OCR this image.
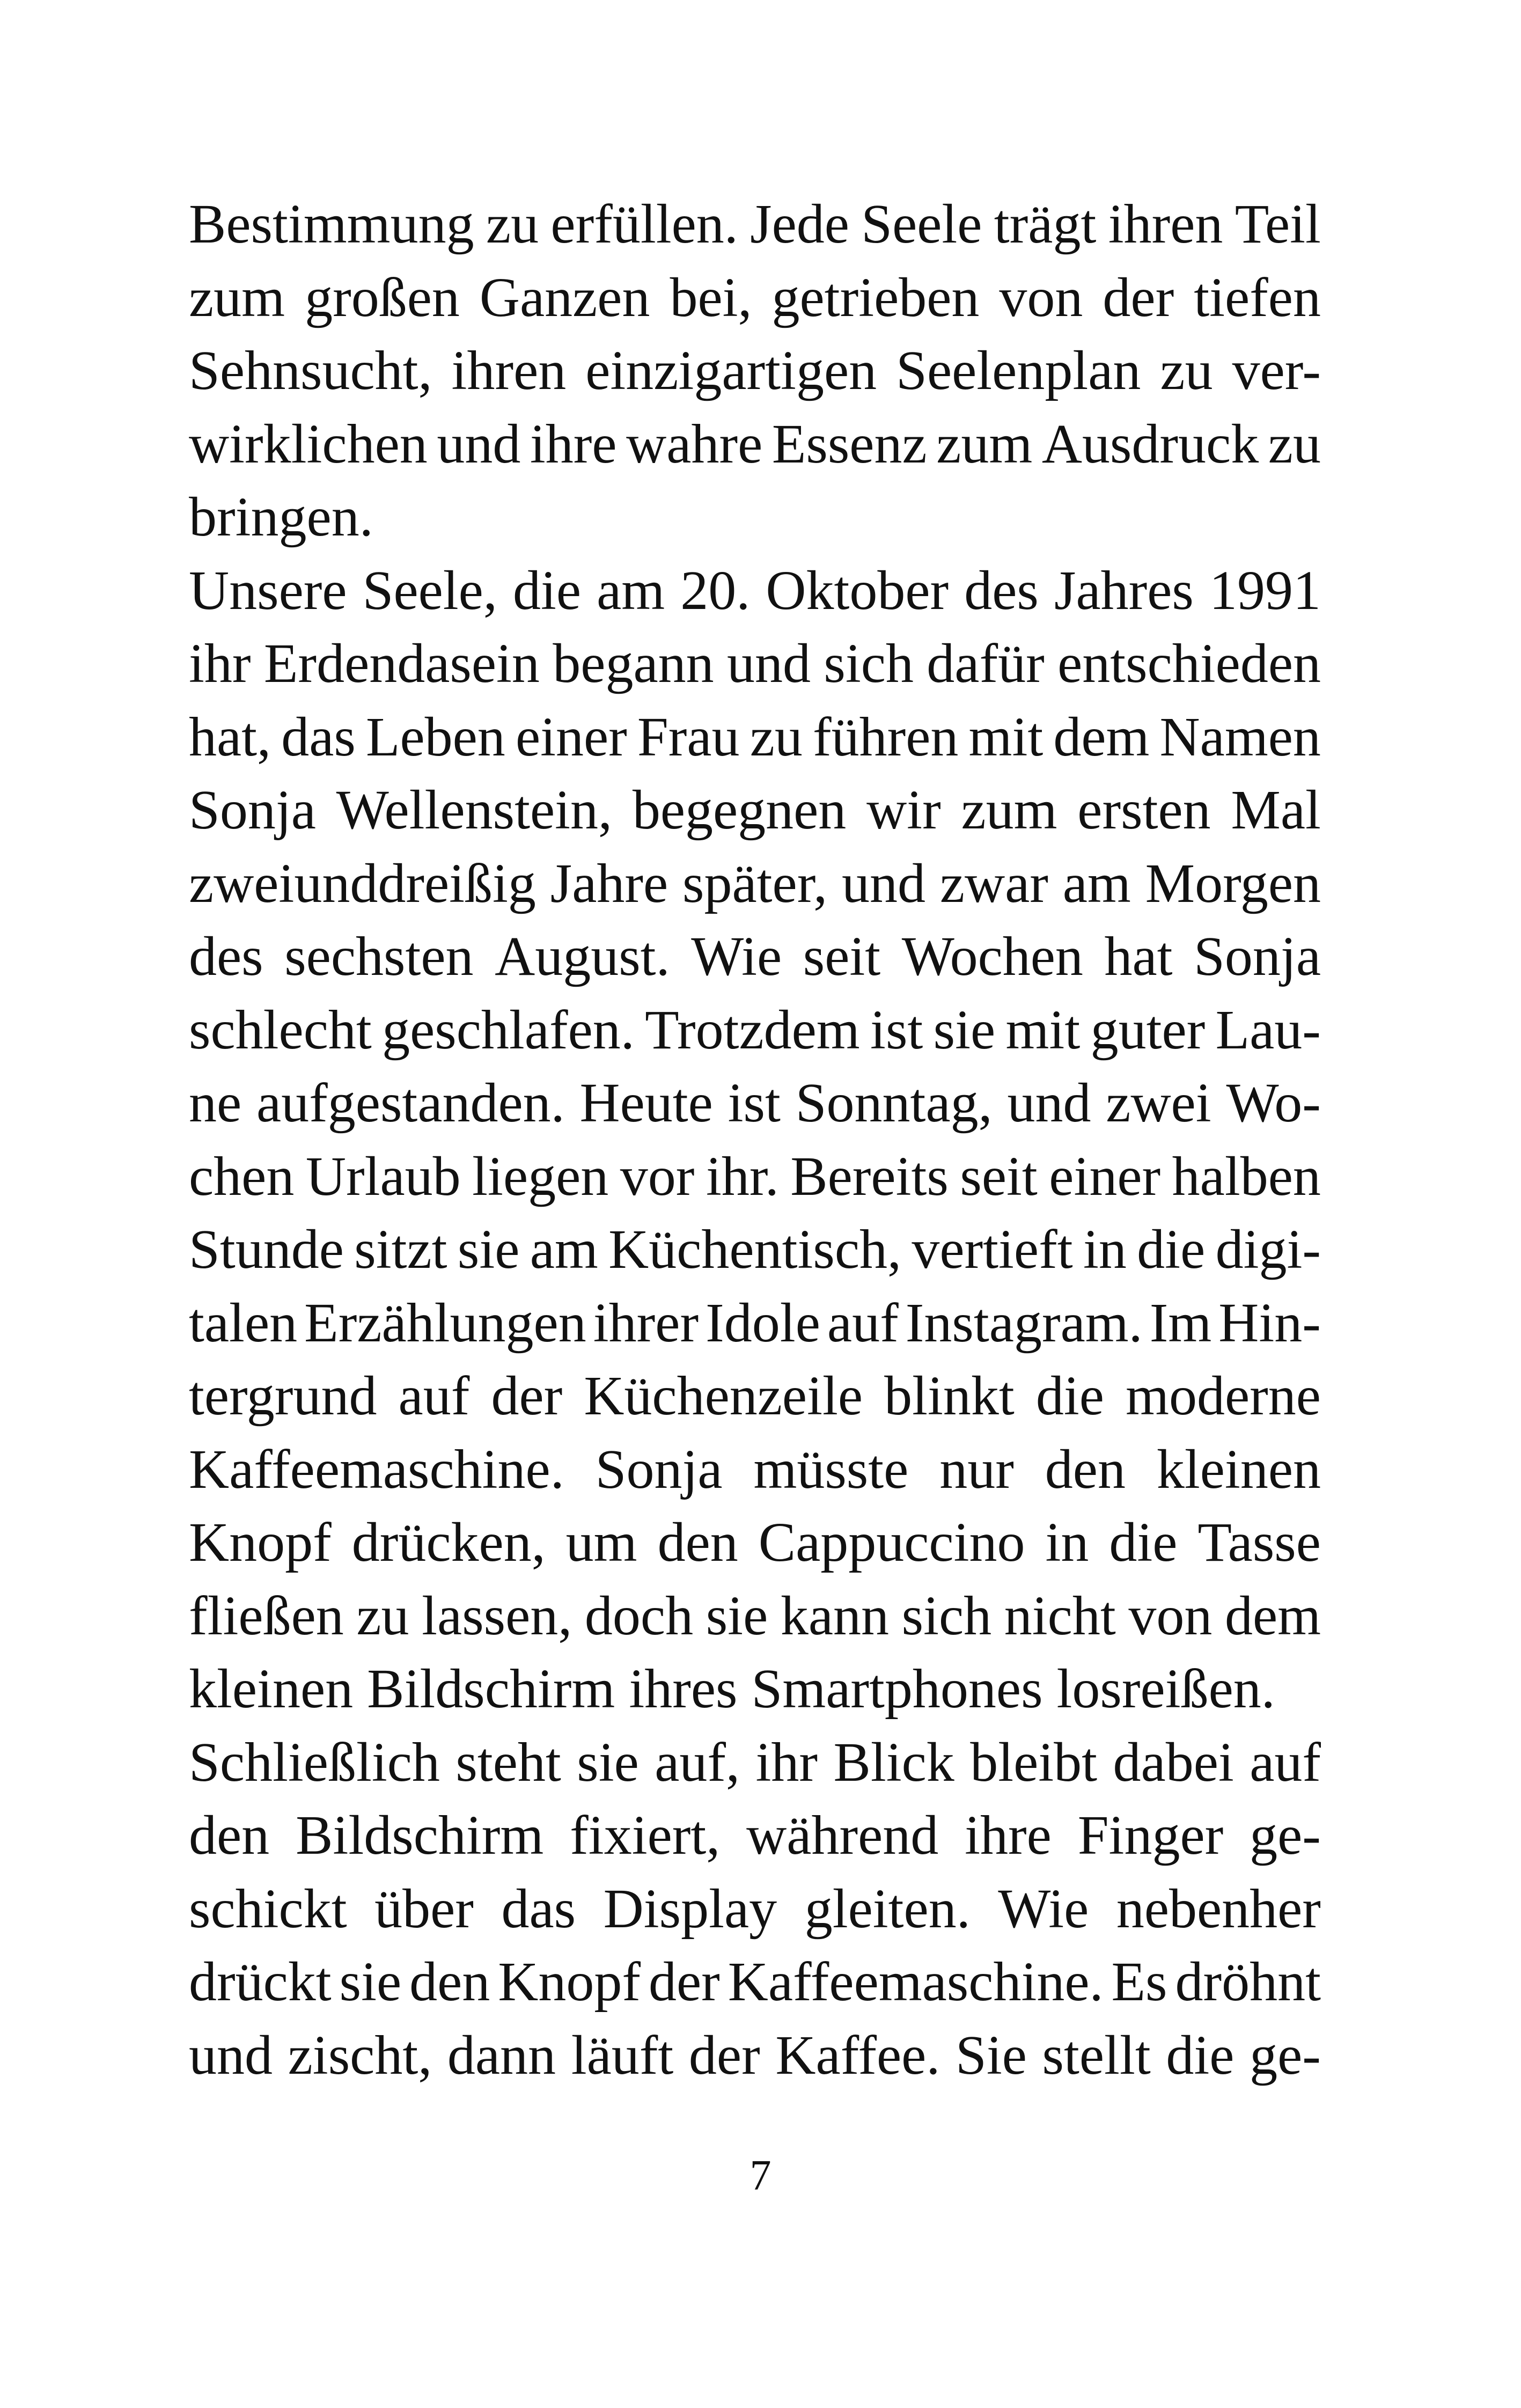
Bestimmung zu erfüllen. Jede Seele trägt ihren Teil
zum großen Ganzen bei, getrieben von der tiefen
Sehnsucht, ihren einzigartigen Seelenplan zu ver-
wirklichen und ihre wahre Essenz zum Ausdruck zu
bringen.
Unsere Seele, die am 20. Oktober des Jahres 1991
ihr Erdendasein begann und sich dafür entschieden
hat, das Leben einer Frau zu führen mit dem Namen
Sonja Wellenstein, begegnen wir zum ersten Mal
zweiunddreißig Jahre später, und zwar am Morgen
des sechsten August. Wie seit Wochen hat Sonja
schlecht geschlafen. Trotzdem ist sie mit guter Lau-
ne aufgestanden. Heute ist Sonntag, und zwei Wo-
chen Urlaub liegen vor ihr. Bereits seit einer halben
Stunde sitzt sie am Küchentisch, vertieft in die digi-
talen Erzählungen ihrer Idole auf Instagram. Im Hin-
tergrund auf der Küchenzeile blinkt die moderne
Kaffeemaschine. Sonja müsste nur den kleinen
Knopf drücken, um den Cappuccino in die Tasse
fließen zu lassen, doch sie kann sich nicht von dem
kleinen Bildschirm ihres Smartphones losreißen.
Schließlich steht sie auf, ihr Blick bleibt dabei auf
den Bildschirm fixiert, während ihre Finger ge-
schickt über das Display gleiten. Wie nebenher
drückt sie den Knopf der Kaffeemaschine. Es dröhnt
und zischt, dann läuft der Kaffee. Sie stellt die ge-
7
